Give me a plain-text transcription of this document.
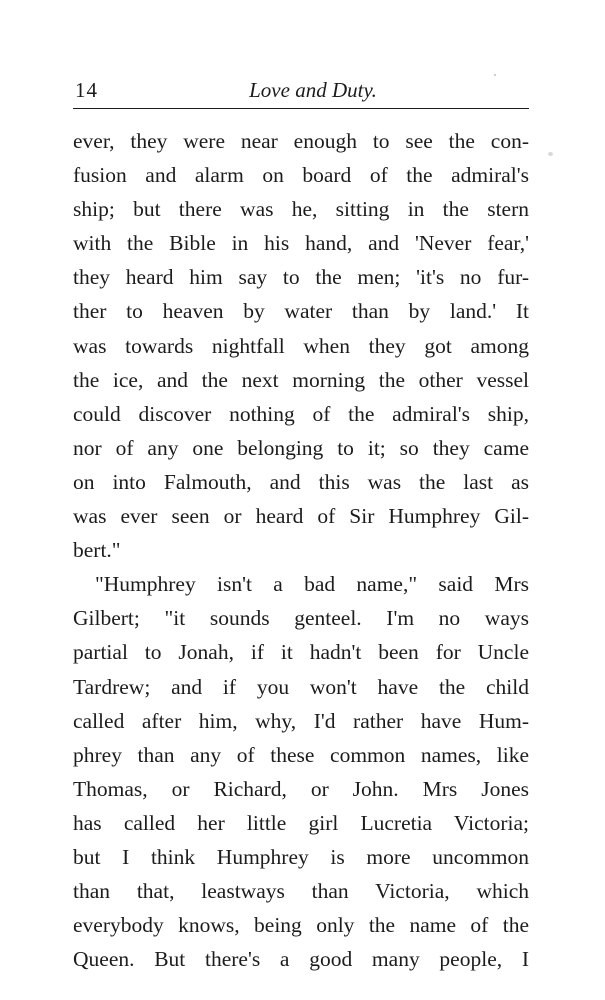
14	Love and Duty.
ever, they were near enough to see the con-
fusion and alarm on board of the admiral's
ship; but there was he, sitting in the stern
with the Bible in his hand, and 'Never fear,'
they heard him say to the men; 'it's no fur-
ther to heaven by water than by land.' It
was towards nightfall when they got among
the ice, and the next morning the other vessel
could discover nothing of the admiral's ship,
nor of any one belonging to it; so they came
on into Falmouth, and this was the last as
was ever seen or heard of Sir Humphrey Gil-
bert."
"Humphrey isn't a bad name," said Mrs
Gilbert; "it sounds genteel. I'm no ways
partial to Jonah, if it hadn't been for Uncle
Tardrew; and if you won't have the child
called after him, why, I'd rather have Hum-
phrey than any of these common names, like
Thomas, or Richard, or John. Mrs Jones
has called her little girl Lucretia Victoria;
but I think Humphrey is more uncommon
than that, leastways than Victoria, which
everybody knows, being only the name of the
Queen. But there's a good many people, I
